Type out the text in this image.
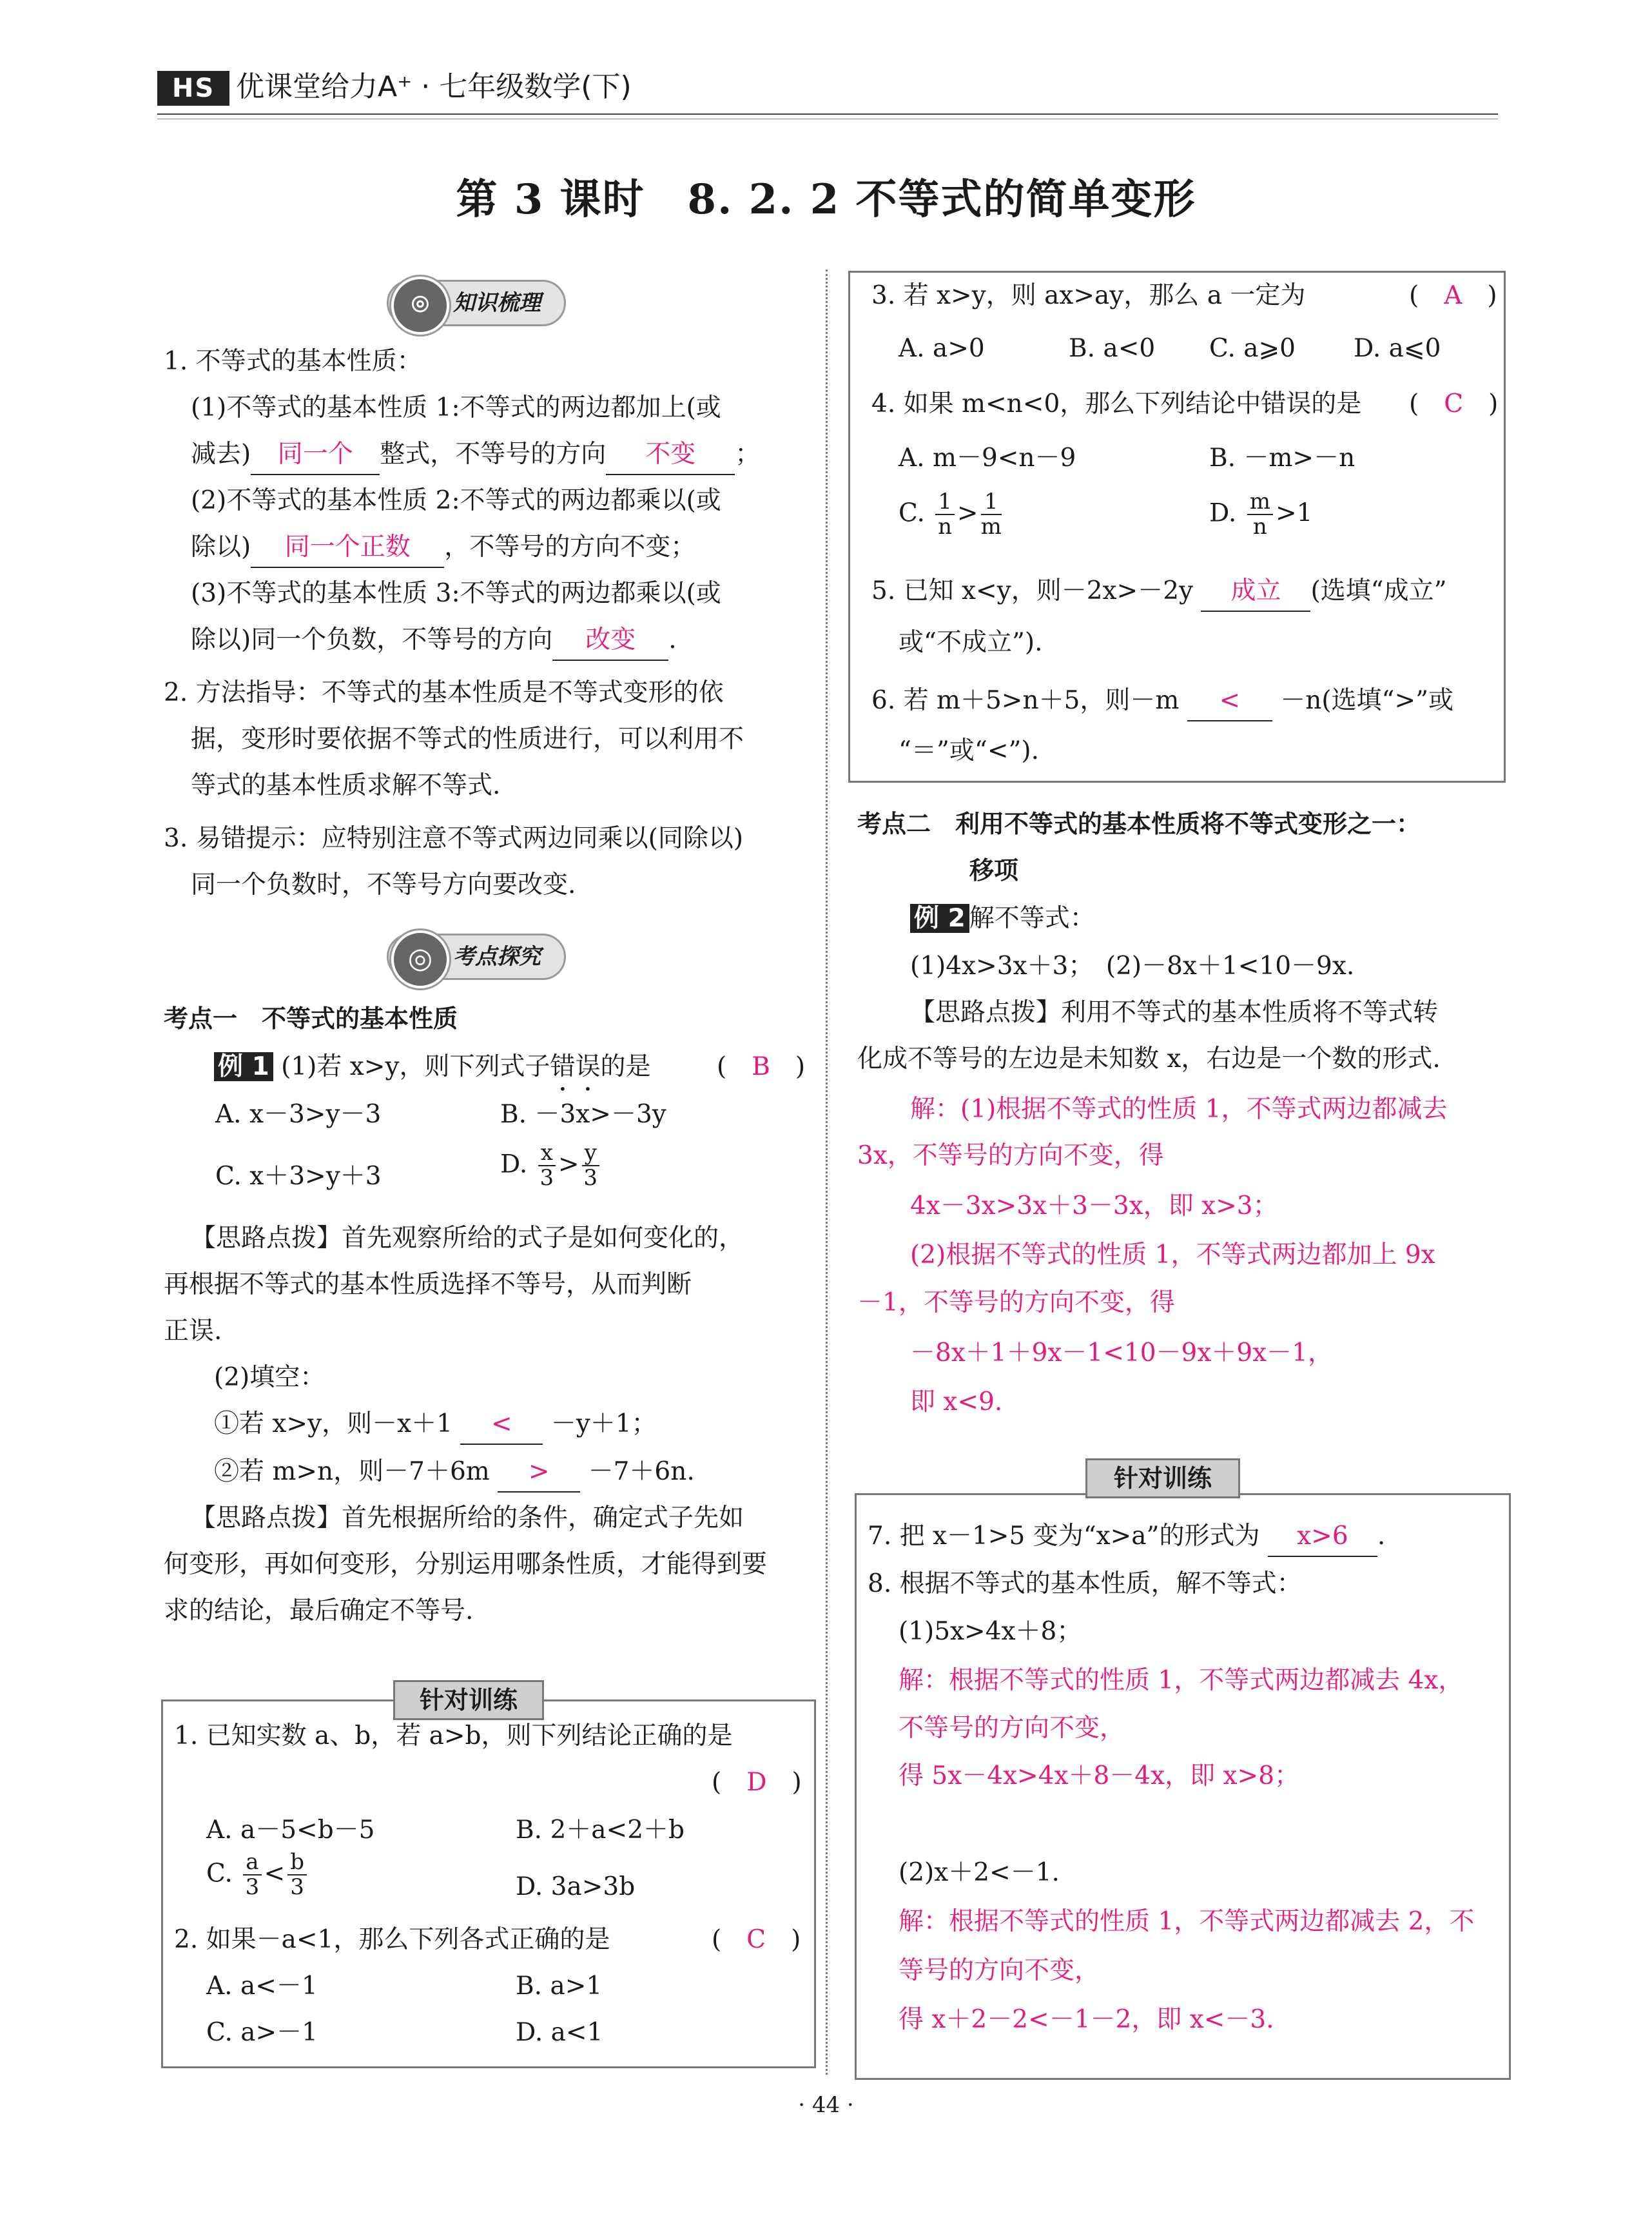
HS 优课堂给力A⁺ · 七年级数学(下)
第 3 课时　8. 2. 2 不等式的简单变形
⌾	知识梳理
1. 不等式的基本性质：
(1)不等式的基本性质 1:不等式的两边都加上(或
减去) 同一个 整式，不等号的方向 不变 ；
(2)不等式的基本性质 2:不等式的两边都乘以(或
除以) 同一个正数 ，不等号的方向不变；
(3)不等式的基本性质 3:不等式的两边都乘以(或
除以)同一个负数，不等号的方向 改变 .
2. 方法指导：不等式的基本性质是不等式变形的依
据，变形时要依据不等式的性质进行，可以利用不
等式的基本性质求解不等式.
3. 易错提示：应特别注意不等式两边同乘以(同除以)
同一个负数时，不等号方向要改变.
◎ 考点探究
考点一　不等式的基本性质
例 1 (1)若 x>y，则下列式子错误的是	(　B　)
A. x－3>y－3	B. －3x>－3y
C. x＋3>y＋3	D. $\frac{x}{3} > \frac{y}{3}$
【思路点拨】首先观察所给的式子是如何变化的，
再根据不等式的基本性质选择不等号，从而判断
正误.
(2)填空：
①若 x>y，则－x＋1 < －y＋1；
②若 m>n，则－7＋6m > －7＋6n.
【思路点拨】首先根据所给的条件，确定式子先如
何变形，再如何变形，分别运用哪条性质，才能得到要
求的结论，最后确定不等号.
针对训练
1. 已知实数 a、b，若 a>b，则下列结论正确的是
(　D　)
A. a－5<b－5	B. 2＋a<2＋b
C. $\frac{a}{3} < \frac{b}{3}$	D. 3a>3b
2. 如果－a<1，那么下列各式正确的是	(　C　)
A. a<－1	B. a>1
C. a>－1	D. a<1
3. 若 x>y，则 ax>ay，那么 a 一定为	(　A　)
A. a>0	B. a<0 C. a⩾0 D. a⩽0
4. 如果 m<n<0，那么下列结论中错误的是 (　C　)
A. m－9<n－9	B. －m>－n
C. $\frac{1}{n} > \frac{1}{m}$	D. $\frac{m}{n} >1$
5. 已知 x<y，则－2x>－2y 成立 (选填“成立”
或“不成立”).
6. 若 m＋5>n＋5，则－m < －n(选填“>”或
“＝”或“<”).
考点二　利用不等式的基本性质将不等式变形之一：
移项
例 2 解不等式：
(1)4x>3x＋3；　(2)－8x＋1<10－9x.
【思路点拨】利用不等式的基本性质将不等式转
化成不等号的左边是未知数 x，右边是一个数的形式.
解：(1)根据不等式的性质 1，不等式两边都减去
3x，不等号的方向不变，得
4x－3x>3x＋3－3x，即 x>3；
(2)根据不等式的性质 1，不等式两边都加上 9x
－1，不等号的方向不变，得
－8x＋1＋9x－1<10－9x＋9x－1，
即 x<9.
针对训练
7. 把 x－1>5 变为“x>a”的形式为 x>6 .
8. 根据不等式的基本性质，解不等式：
(1)5x>4x＋8；
解：根据不等式的性质 1，不等式两边都减去 4x，
不等号的方向不变，
得 5x－4x>4x＋8－4x，即 x>8；
(2)x＋2<－1.
解：根据不等式的性质 1，不等式两边都减去 2，不
等号的方向不变，
得 x＋2－2<－1－2，即 x<－3.
· 44 ·
